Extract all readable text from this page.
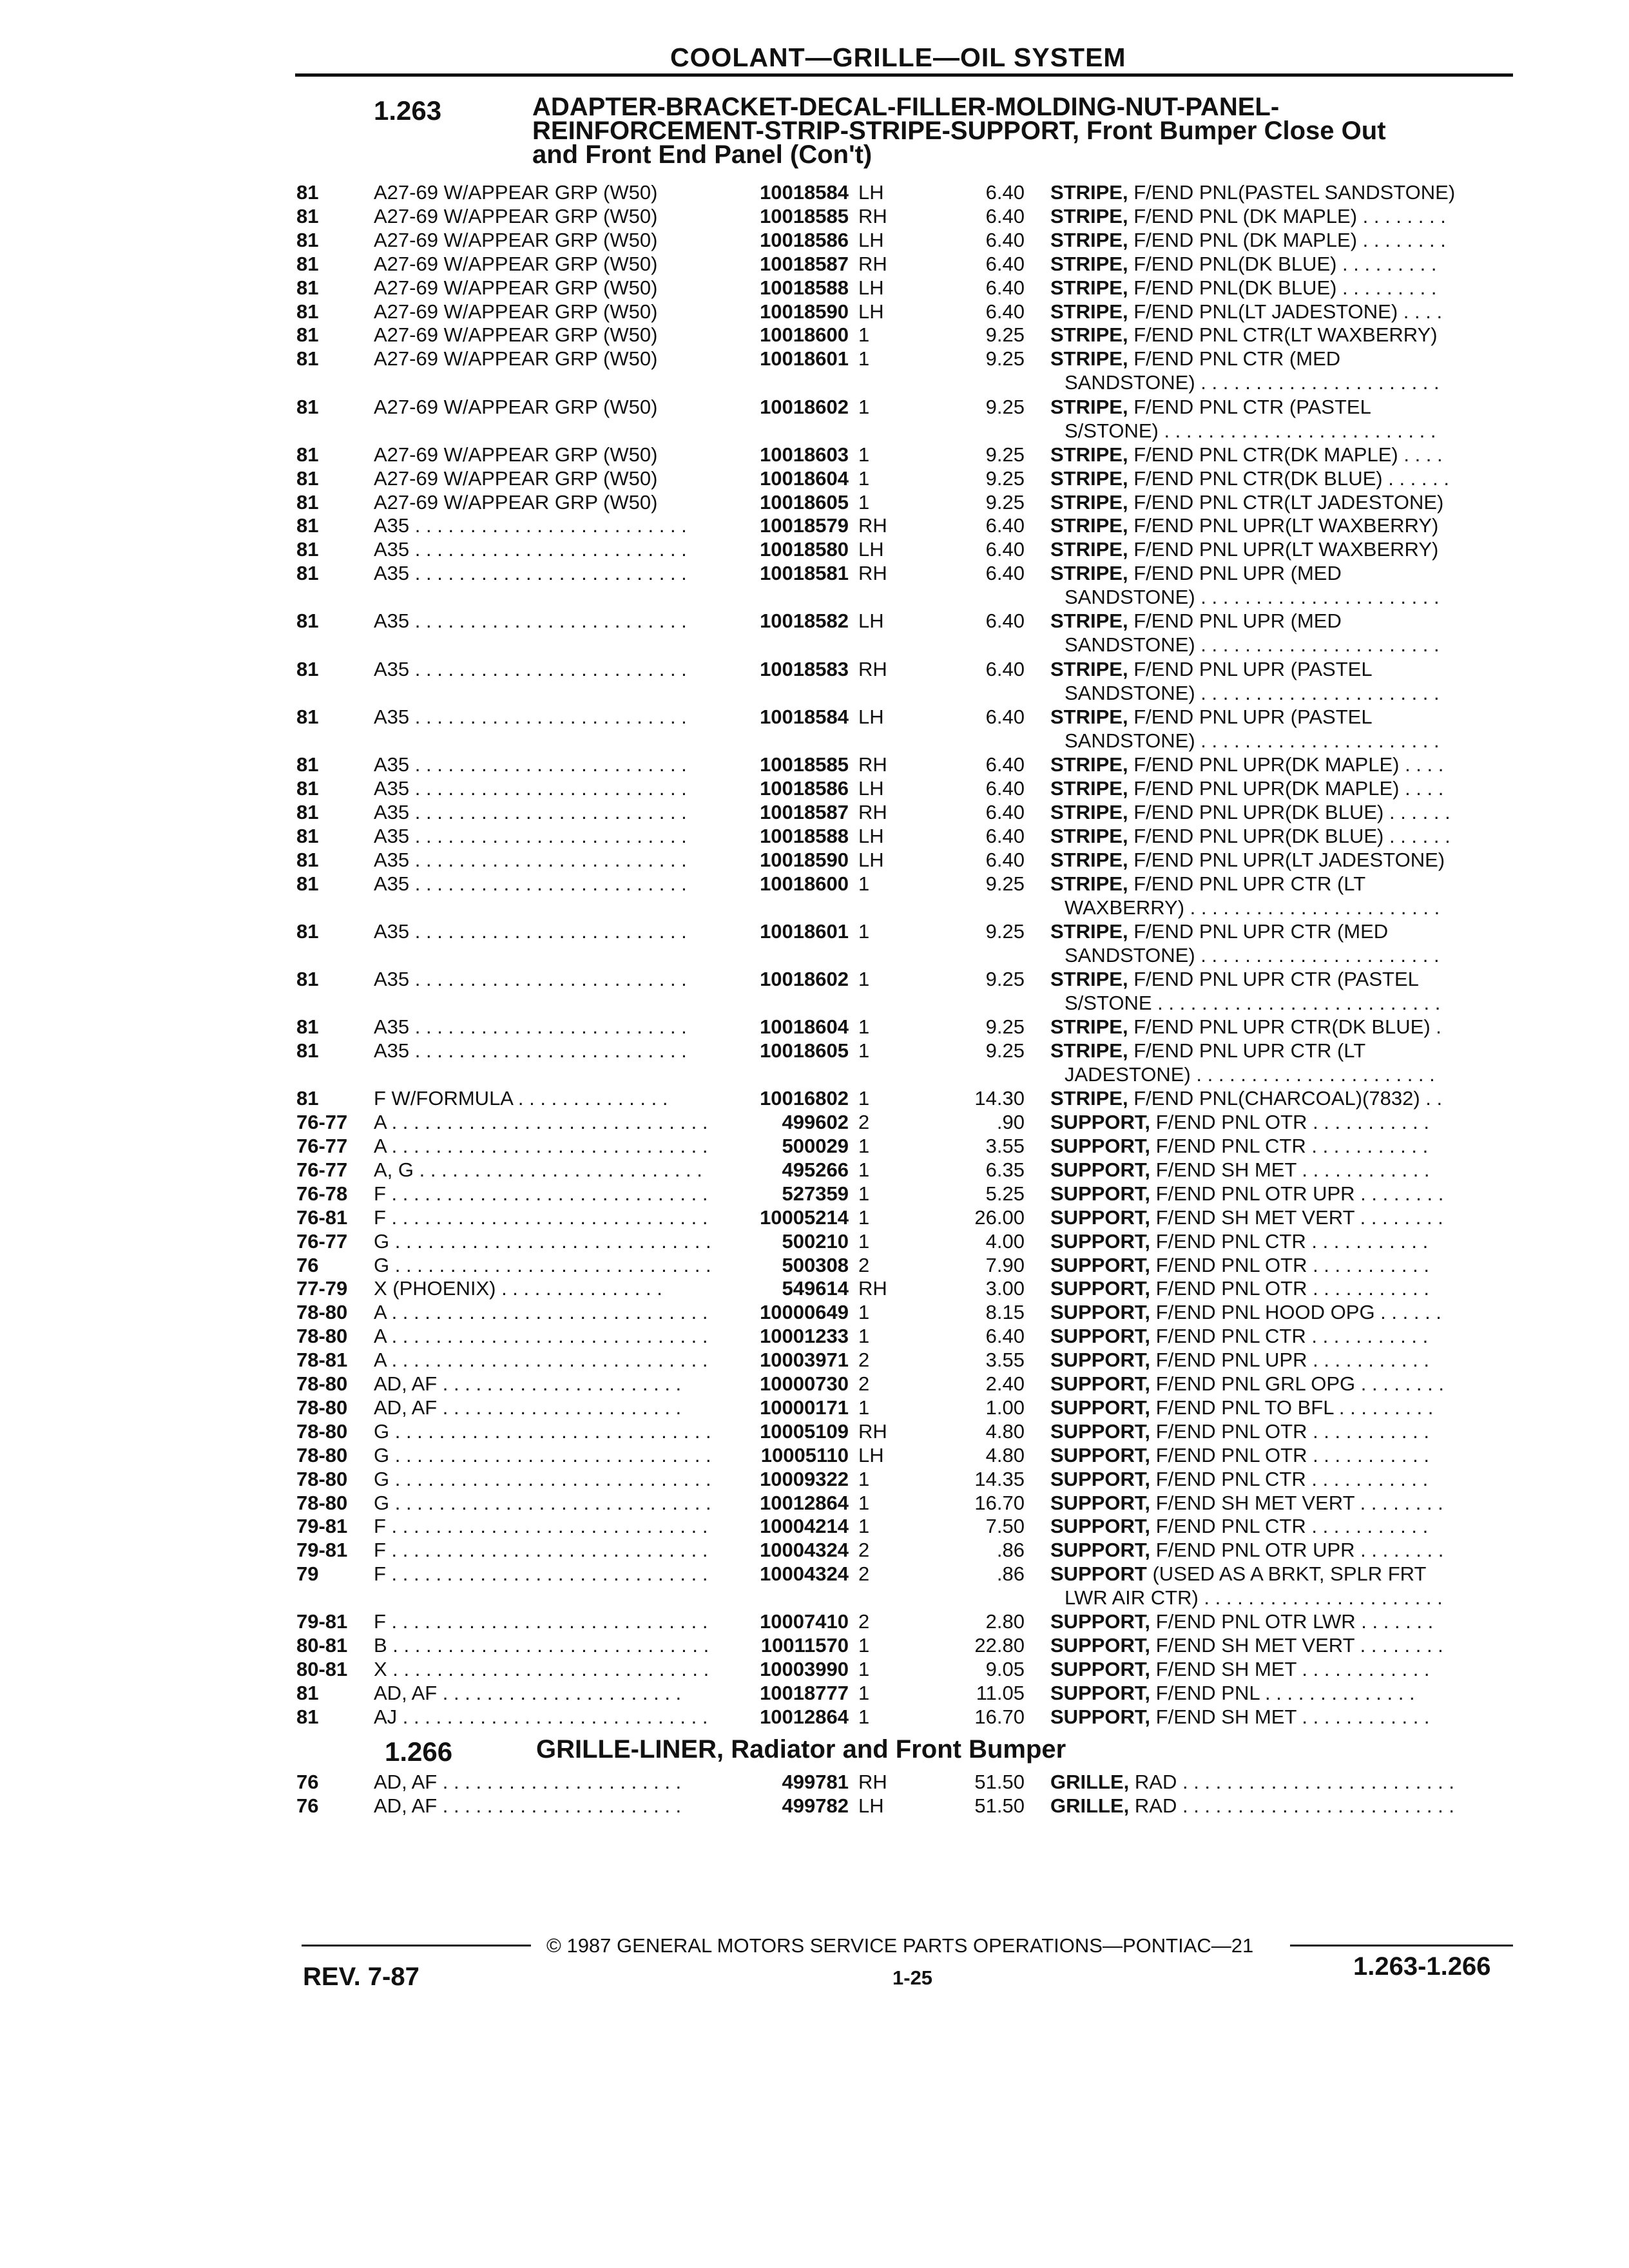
COOLANT—GRILLE—OIL SYSTEM
1.263	ADAPTER-BRACKET-DECAL-FILLER-MOLDING-NUT-PANEL-
REINFORCEMENT-STRIP-STRIPE-SUPPORT, Front Bumper Close Out
and Front End Panel (Con't)
81	A27-69 W/APPEAR GRP (W50)	10018584 LH	6.40 STRIPE, F/END PNL(PASTEL SANDSTONE)
81	A27-69 W/APPEAR GRP (W50)	10018585 RH	6.40 STRIPE, F/END PNL (DK MAPLE) . . . . . . . .
81	A27-69 W/APPEAR GRP (W50)	10018586 LH	6.40 STRIPE, F/END PNL (DK MAPLE) . . . . . . . .
81	A27-69 W/APPEAR GRP (W50)	10018587 RH	6.40 STRIPE, F/END PNL(DK BLUE) . . . . . . . . .
81	A27-69 W/APPEAR GRP (W50)	10018588 LH	6.40 STRIPE, F/END PNL(DK BLUE) . . . . . . . . .
81	A27-69 W/APPEAR GRP (W50)	10018590 LH	6.40 STRIPE, F/END PNL(LT JADESTONE) . . . .
81	A27-69 W/APPEAR GRP (W50)	10018600 1	9.25 STRIPE, F/END PNL CTR(LT WAXBERRY)
81	A27-69 W/APPEAR GRP (W50)	10018601 1	9.25 STRIPE, F/END PNL CTR (MED
SANDSTONE) . . . . . . . . . . . . . . . . . . . . . .
81	A27-69 W/APPEAR GRP (W50)	10018602 1	9.25 STRIPE, F/END PNL CTR (PASTEL
S/STONE) . . . . . . . . . . . . . . . . . . . . . . . . .
81	A27-69 W/APPEAR GRP (W50)	10018603 1	9.25 STRIPE, F/END PNL CTR(DK MAPLE) . . . .
81	A27-69 W/APPEAR GRP (W50)	10018604 1	9.25 STRIPE, F/END PNL CTR(DK BLUE) . . . . . .
81	A27-69 W/APPEAR GRP (W50)	10018605 1	9.25 STRIPE, F/END PNL CTR(LT JADESTONE)
81	A35 . . . . . . . . . . . . . . . . . . . . . . . . .	10018579 RH	6.40 STRIPE, F/END PNL UPR(LT WAXBERRY)
81	A35 . . . . . . . . . . . . . . . . . . . . . . . . .	10018580 LH	6.40 STRIPE, F/END PNL UPR(LT WAXBERRY)
81	A35 . . . . . . . . . . . . . . . . . . . . . . . . .	10018581 RH	6.40 STRIPE, F/END PNL UPR (MED
SANDSTONE) . . . . . . . . . . . . . . . . . . . . . .
81	A35 . . . . . . . . . . . . . . . . . . . . . . . . .	10018582 LH	6.40 STRIPE, F/END PNL UPR (MED
SANDSTONE) . . . . . . . . . . . . . . . . . . . . . .
81	A35 . . . . . . . . . . . . . . . . . . . . . . . . .	10018583 RH	6.40 STRIPE, F/END PNL UPR (PASTEL
SANDSTONE) . . . . . . . . . . . . . . . . . . . . . .
81	A35 . . . . . . . . . . . . . . . . . . . . . . . . .	10018584 LH	6.40 STRIPE, F/END PNL UPR (PASTEL
SANDSTONE) . . . . . . . . . . . . . . . . . . . . . .
81	A35 . . . . . . . . . . . . . . . . . . . . . . . . .	10018585 RH	6.40 STRIPE, F/END PNL UPR(DK MAPLE) . . . .
81	A35 . . . . . . . . . . . . . . . . . . . . . . . . .	10018586 LH	6.40 STRIPE, F/END PNL UPR(DK MAPLE) . . . .
81	A35 . . . . . . . . . . . . . . . . . . . . . . . . .	10018587 RH	6.40 STRIPE, F/END PNL UPR(DK BLUE) . . . . . .
81	A35 . . . . . . . . . . . . . . . . . . . . . . . . .	10018588 LH	6.40 STRIPE, F/END PNL UPR(DK BLUE) . . . . . .
81	A35 . . . . . . . . . . . . . . . . . . . . . . . . .	10018590 LH	6.40 STRIPE, F/END PNL UPR(LT JADESTONE)
81	A35 . . . . . . . . . . . . . . . . . . . . . . . . .	10018600 1	9.25 STRIPE, F/END PNL UPR CTR (LT
WAXBERRY) . . . . . . . . . . . . . . . . . . . . . . .
81	A35 . . . . . . . . . . . . . . . . . . . . . . . . .	10018601 1	9.25 STRIPE, F/END PNL UPR CTR (MED
SANDSTONE) . . . . . . . . . . . . . . . . . . . . . .
81	A35 . . . . . . . . . . . . . . . . . . . . . . . . .	10018602 1	9.25 STRIPE, F/END PNL UPR CTR (PASTEL
S/STONE . . . . . . . . . . . . . . . . . . . . . . . . . .
81	A35 . . . . . . . . . . . . . . . . . . . . . . . . .	10018604 1	9.25 STRIPE, F/END PNL UPR CTR(DK BLUE) .
81	A35 . . . . . . . . . . . . . . . . . . . . . . . . .	10018605 1	9.25 STRIPE, F/END PNL UPR CTR (LT
JADESTONE) . . . . . . . . . . . . . . . . . . . . . .
81	F W/FORMULA . . . . . . . . . . . . . .	10016802 1	14.30 STRIPE, F/END PNL(CHARCOAL)(7832) . .
76-77 A . . . . . . . . . . . . . . . . . . . . . . . . . . . . .	499602 2	.90 SUPPORT, F/END PNL OTR . . . . . . . . . . .
76-77 A . . . . . . . . . . . . . . . . . . . . . . . . . . . . .	500029 1	3.55 SUPPORT, F/END PNL CTR . . . . . . . . . . .
76-77 A, G . . . . . . . . . . . . . . . . . . . . . . . . . .	495266 1	6.35 SUPPORT, F/END SH MET . . . . . . . . . . . .
76-78 F . . . . . . . . . . . . . . . . . . . . . . . . . . . . .	527359 1	5.25 SUPPORT, F/END PNL OTR UPR . . . . . . . .
76-81 F . . . . . . . . . . . . . . . . . . . . . . . . . . . . .	10005214 1	26.00 SUPPORT, F/END SH MET VERT . . . . . . . .
76-77 G . . . . . . . . . . . . . . . . . . . . . . . . . . . . .	500210 1	4.00 SUPPORT, F/END PNL CTR . . . . . . . . . . .
76	G . . . . . . . . . . . . . . . . . . . . . . . . . . . . .	500308 2	7.90 SUPPORT, F/END PNL OTR . . . . . . . . . . .
77-79 X (PHOENIX) . . . . . . . . . . . . . . .	549614 RH	3.00 SUPPORT, F/END PNL OTR . . . . . . . . . . .
78-80 A . . . . . . . . . . . . . . . . . . . . . . . . . . . . .	10000649 1	8.15 SUPPORT, F/END PNL HOOD OPG . . . . . .
78-80 A . . . . . . . . . . . . . . . . . . . . . . . . . . . . .	10001233 1	6.40 SUPPORT, F/END PNL CTR . . . . . . . . . . .
78-81 A . . . . . . . . . . . . . . . . . . . . . . . . . . . . .	10003971 2	3.55 SUPPORT, F/END PNL UPR . . . . . . . . . . .
78-80 AD, AF . . . . . . . . . . . . . . . . . . . . . .	10000730 2	2.40 SUPPORT, F/END PNL GRL OPG . . . . . . . .
78-80 AD, AF . . . . . . . . . . . . . . . . . . . . . .	10000171 1	1.00 SUPPORT, F/END PNL TO BFL . . . . . . . . .
78-80 G . . . . . . . . . . . . . . . . . . . . . . . . . . . . .	10005109 RH	4.80 SUPPORT, F/END PNL OTR . . . . . . . . . . .
78-80 G . . . . . . . . . . . . . . . . . . . . . . . . . . . . .	10005110 LH	4.80 SUPPORT, F/END PNL OTR . . . . . . . . . . .
78-80 G . . . . . . . . . . . . . . . . . . . . . . . . . . . . .	10009322 1	14.35 SUPPORT, F/END PNL CTR . . . . . . . . . . .
78-80 G . . . . . . . . . . . . . . . . . . . . . . . . . . . . .	10012864 1	16.70 SUPPORT, F/END SH MET VERT . . . . . . . .
79-81 F . . . . . . . . . . . . . . . . . . . . . . . . . . . . .	10004214 1	7.50 SUPPORT, F/END PNL CTR . . . . . . . . . . .
79-81 F . . . . . . . . . . . . . . . . . . . . . . . . . . . . .	10004324 2	.86 SUPPORT, F/END PNL OTR UPR . . . . . . . .
79	F . . . . . . . . . . . . . . . . . . . . . . . . . . . . .	10004324 2	.86 SUPPORT (USED AS A BRKT, SPLR FRT
LWR AIR CTR) . . . . . . . . . . . . . . . . . . . . . .
79-81 F . . . . . . . . . . . . . . . . . . . . . . . . . . . . .	10007410 2	2.80 SUPPORT, F/END PNL OTR LWR . . . . . . .
80-81 B . . . . . . . . . . . . . . . . . . . . . . . . . . . . .	10011570 1	22.80 SUPPORT, F/END SH MET VERT . . . . . . . .
80-81 X . . . . . . . . . . . . . . . . . . . . . . . . . . . . .	10003990 1	9.05 SUPPORT, F/END SH MET . . . . . . . . . . . .
81	AD, AF . . . . . . . . . . . . . . . . . . . . . .	10018777 1	11.05 SUPPORT, F/END PNL . . . . . . . . . . . . . .
81	AJ . . . . . . . . . . . . . . . . . . . . . . . . . . . .	10012864 1	16.70 SUPPORT, F/END SH MET . . . . . . . . . . . .
1.266	GRILLE-LINER, Radiator and Front Bumper
76	AD, AF . . . . . . . . . . . . . . . . . . . . . .	499781 RH	51.50 GRILLE, RAD . . . . . . . . . . . . . . . . . . . . . . . . .
76	AD, AF . . . . . . . . . . . . . . . . . . . . . .	499782 LH	51.50 GRILLE, RAD . . . . . . . . . . . . . . . . . . . . . . . . .
© 1987 GENERAL MOTORS SERVICE PARTS OPERATIONS—PONTIAC—21
REV. 7-87	1-25	1.263-1.266
